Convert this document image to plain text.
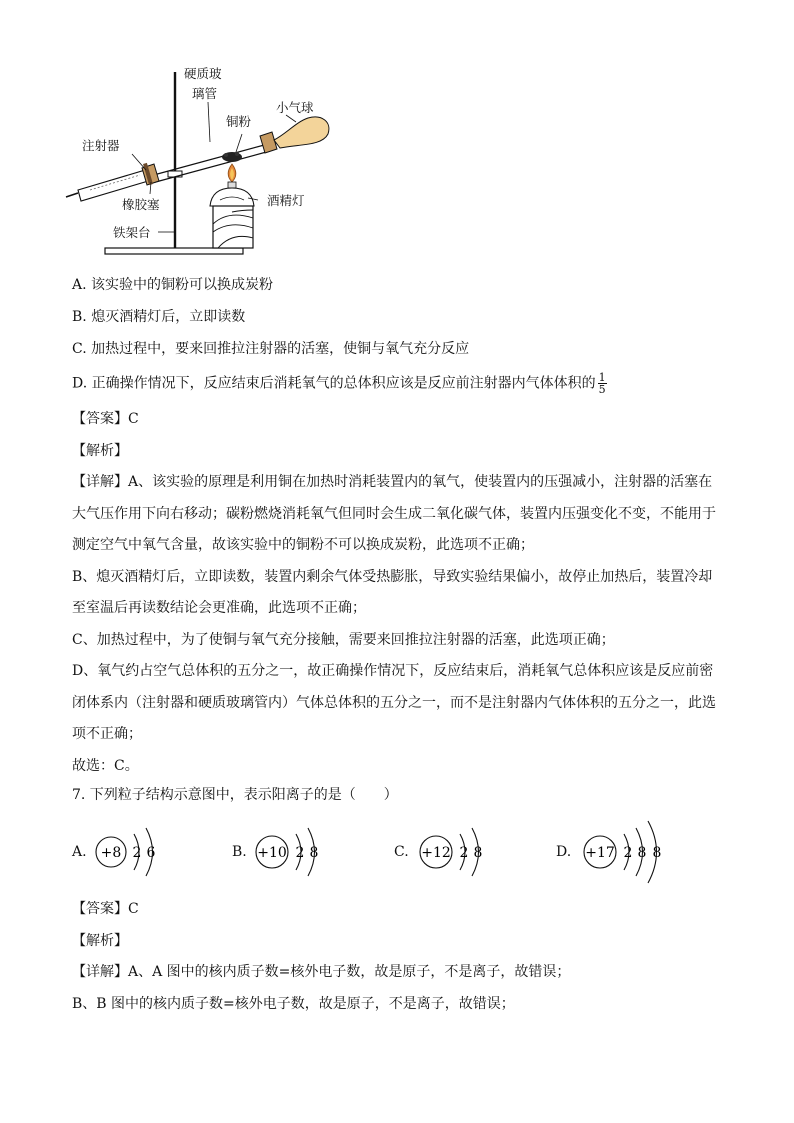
硬质玻
璃管
小气球
铜粉
注射器
酒精灯
橡胶塞
铁架台
A. 该实验中的铜粉可以换成炭粉
B. 熄灭酒精灯后，立即读数
C. 加热过程中，要来回推拉注射器的活塞，使铜与氧气充分反应
D. 正确操作情况下，反应结束后消耗氧气的总体积应该是反应前注射器内气体体积的 $\frac{1}{5}$
【答案】C
【解析】
【详解】A、该实验的原理是利用铜在加热时消耗装置内的氧气，使装置内的压强减小，注射器的活塞在
大气压作用下向右移动；碳粉燃烧消耗氧气但同时会生成二氧化碳气体，装置内压强变化不变，不能用于
测定空气中氧气含量，故该实验中的铜粉不可以换成炭粉，此选项不正确；
B、熄灭酒精灯后，立即读数，装置内剩余气体受热膨胀，导致实验结果偏小，故停止加热后，装置冷却
至室温后再读数结论会更准确，此选项不正确；
C、加热过程中，为了使铜与氧气充分接触，需要来回推拉注射器的活塞，此选项正确；
D、氧气约占空气总体积的五分之一，故正确操作情况下，反应结束后，消耗氧气总体积应该是反应前密
闭体系内（注射器和硬质玻璃管内）气体总体积的五分之一，而不是注射器内气体体积的五分之一，此选
项不正确；
故选：C。
7. 下列粒子结构示意图中，表示阳离子的是（　　）
A. +8 2 6	B. +10 2 8	C. +12 2 8	D. +17 2 8 8
【答案】C
【解析】
【详解】A、A 图中的核内质子数=核外电子数，故是原子，不是离子，故错误；
B、B 图中的核内质子数=核外电子数，故是原子，不是离子，故错误；
